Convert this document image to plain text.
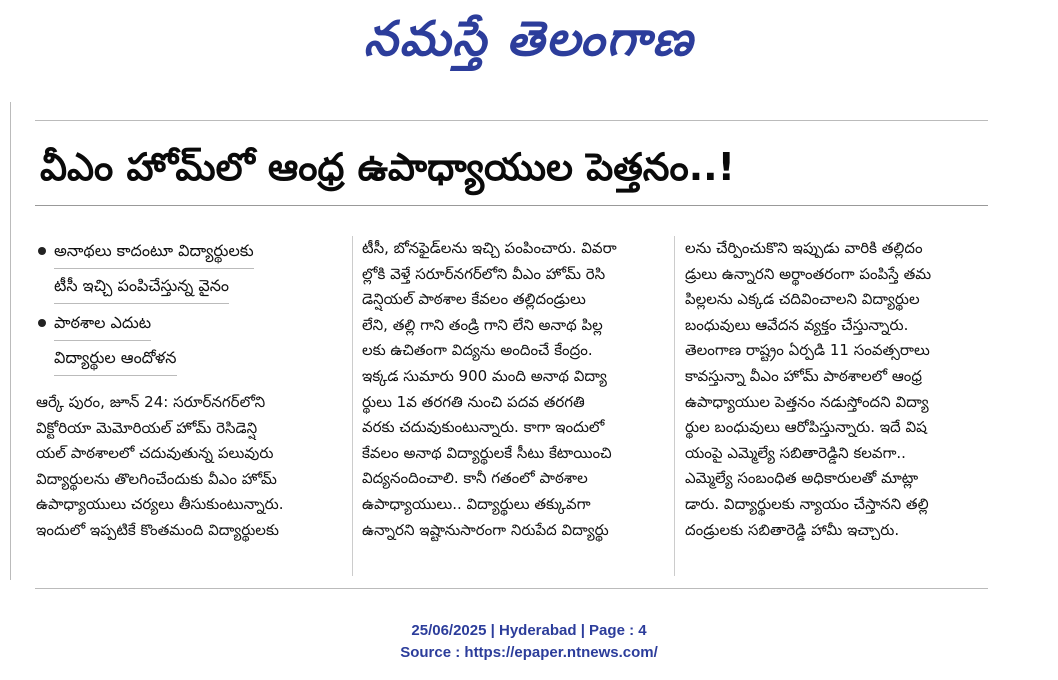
నమస్తే తెలంగాణ
వీఎం హోమ్‌లో ఆంధ్ర ఉపాధ్యాయుల పెత్తనం..!
అనాథలు కాదంటూ విద్యార్థులకు
టీసీ ఇచ్చి పంపిచేస్తున్న వైనం
పాఠశాల ఎదుట
విద్యార్థుల ఆందోళన
ఆర్కే పురం, జూన్ 24: సరూర్‌నగర్‌లోని
విక్టోరియా మెమోరియల్ హోమ్ రెసిడెన్షి
యల్ పాఠశాలలో చదువుతున్న పలువురు
విద్యార్థులను తొలగించేందుకు వీఎం హోమ్
ఉపాధ్యాయులు చర్యలు తీసుకుంటున్నారు.
ఇందులో ఇప్పటికే కొంతమంది విద్యార్థులకు
టీసీ, బోనఫైడ్‌లను ఇచ్చి పంపించారు. వివరా
ల్లోకి వెళ్తే సరూర్‌నగర్‌లోని వీఎం హోమ్ రెసి
డెన్షియల్ పాఠశాల కేవలం తల్లిదండ్రులు
లేని, తల్లి గాని తండ్రి గాని లేని అనాథ పిల్ల
లకు ఉచితంగా విద్యను అందించే కేంద్రం.
ఇక్కడ సుమారు 900 మంది అనాథ విద్యా
ర్థులు 1వ తరగతి నుంచి పదవ తరగతి
వరకు చదువుకుంటున్నారు. కాగా ఇందులో
కేవలం అనాథ విద్యార్థులకే సీటు కేటాయించి
విద్యనందించాలి. కానీ గతంలో పాఠశాల
ఉపాధ్యాయులు.. విద్యార్థులు తక్కువగా
ఉన్నారని ఇష్టానుసారంగా నిరుపేద విద్యార్థు
లను చేర్పించుకొని ఇప్పుడు వారికి తల్లిదం
డ్రులు ఉన్నారని అర్థాంతరంగా పంపిస్తే తమ
పిల్లలను ఎక్కడ చదివించాలని విద్యార్థుల
బంధువులు ఆవేదన వ్యక్తం చేస్తున్నారు.
తెలంగాణ రాష్ట్రం ఏర్పడి 11 సంవత్సరాలు
కావస్తున్నా వీఎం హోమ్ పాఠశాలలో ఆంధ్ర
ఉపాధ్యాయుల పెత్తనం నడుస్తోందని విద్యా
ర్థుల బంధువులు ఆరోపిస్తున్నారు. ఇదే విష
యంపై ఎమ్మెల్యే సబితారెడ్డిని కలవగా..
ఎమ్మెల్యే సంబంధిత అధికారులతో మాట్లా
డారు. విద్యార్థులకు న్యాయం చేస్తానని తల్లి
దండ్రులకు సబితారెడ్డి హామీ ఇచ్చారు.
25/06/2025 | Hyderabad | Page : 4
Source : https://epaper.ntnews.com/
